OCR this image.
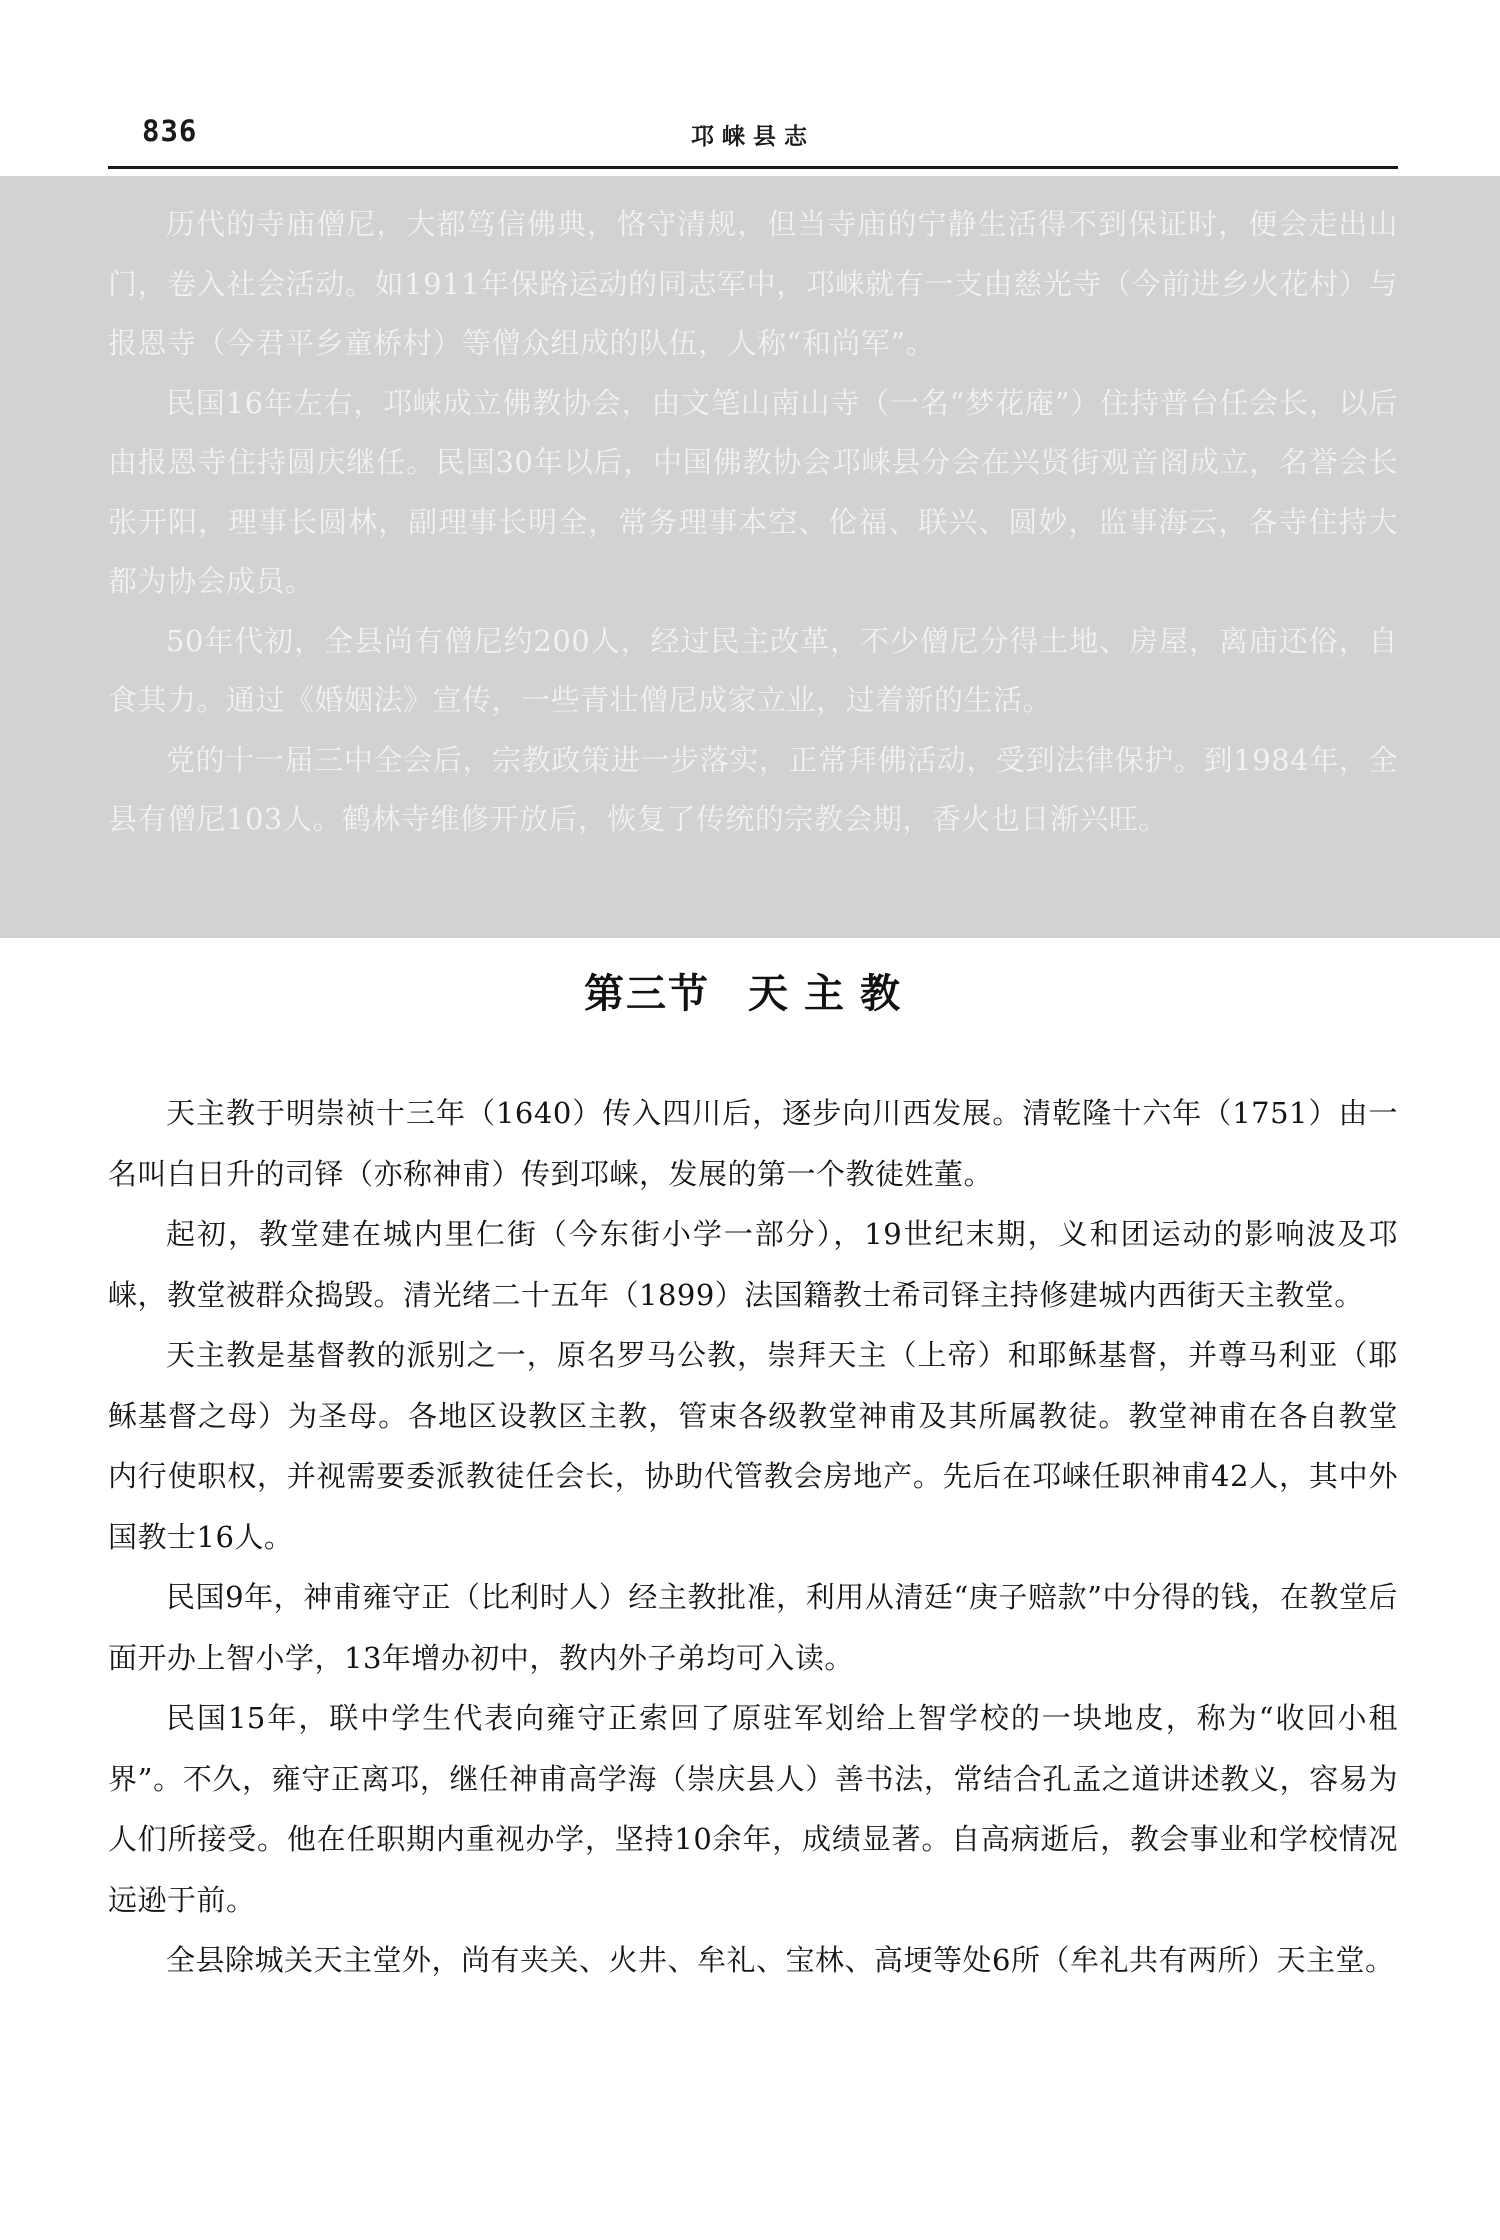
836	邛崃县志

历代的寺庙僧尼，大都笃信佛典，恪守清规，但当寺庙的宁静生活得不到保证时，便会走出山门，卷入社会活动。如1911年保路运动的同志军中，邛崃就有一支由慈光寺（今前进乡火花村）与报恩寺（今君平乡童桥村）等僧众组成的队伍，人称“和尚军”。

民国16年左右，邛崃成立佛教协会，由文笔山南山寺（一名“梦花庵”）住持普台任会长，以后由报恩寺住持圆庆继任。民国30年以后，中国佛教协会邛崃县分会在兴贤街观音阁成立，名誉会长张开阳，理事长圆林，副理事长明全，常务理事本空、伦福、联兴、圆妙，监事海云，各寺住持大都为协会成员。

50年代初，全县尚有僧尼约200人，经过民主改革，不少僧尼分得土地、房屋，离庙还俗，自食其力。通过《婚姻法》宣传，一些青壮僧尼成家立业，过着新的生活。

党的十一届三中全会后，宗教政策进一步落实，正常拜佛活动，受到法律保护。到1984年，全县有僧尼103人。鹤林寺维修开放后，恢复了传统的宗教会期，香火也日渐兴旺。

第三节 天主教

天主教于明崇祯十三年（1640）传入四川后，逐步向川西发展。清乾隆十六年（1751）由一名叫白日升的司铎（亦称神甫）传到邛崃，发展的第一个教徒姓董。

起初，教堂建在城内里仁街（今东街小学一部分），19世纪末期，义和团运动的影响波及邛崃，教堂被群众捣毁。清光绪二十五年（1899）法国籍教士希司铎主持修建城内西街天主教堂。

天主教是基督教的派别之一，原名罗马公教，崇拜天主（上帝）和耶稣基督，并尊马利亚（耶稣基督之母）为圣母。各地区设教区主教，管束各级教堂神甫及其所属教徒。教堂神甫在各自教堂内行使职权，并视需要委派教徒任会长，协助代管教会房地产。先后在邛崃任职神甫42人，其中外国教士16人。

民国9年，神甫雍守正（比利时人）经主教批准，利用从清廷“庚子赔款”中分得的钱，在教堂后面开办上智小学，13年增办初中，教内外子弟均可入读。

民国15年，联中学生代表向雍守正索回了原驻军划给上智学校的一块地皮，称为“收回小租界”。不久，雍守正离邛，继任神甫高学海（崇庆县人）善书法，常结合孔孟之道讲述教义，容易为人们所接受。他在任职期内重视办学，坚持10余年，成绩显著。自高病逝后，教会事业和学校情况远逊于前。

全县除城关天主堂外，尚有夹关、火井、牟礼、宝林、高埂等处6所（牟礼共有两所）天主堂。
